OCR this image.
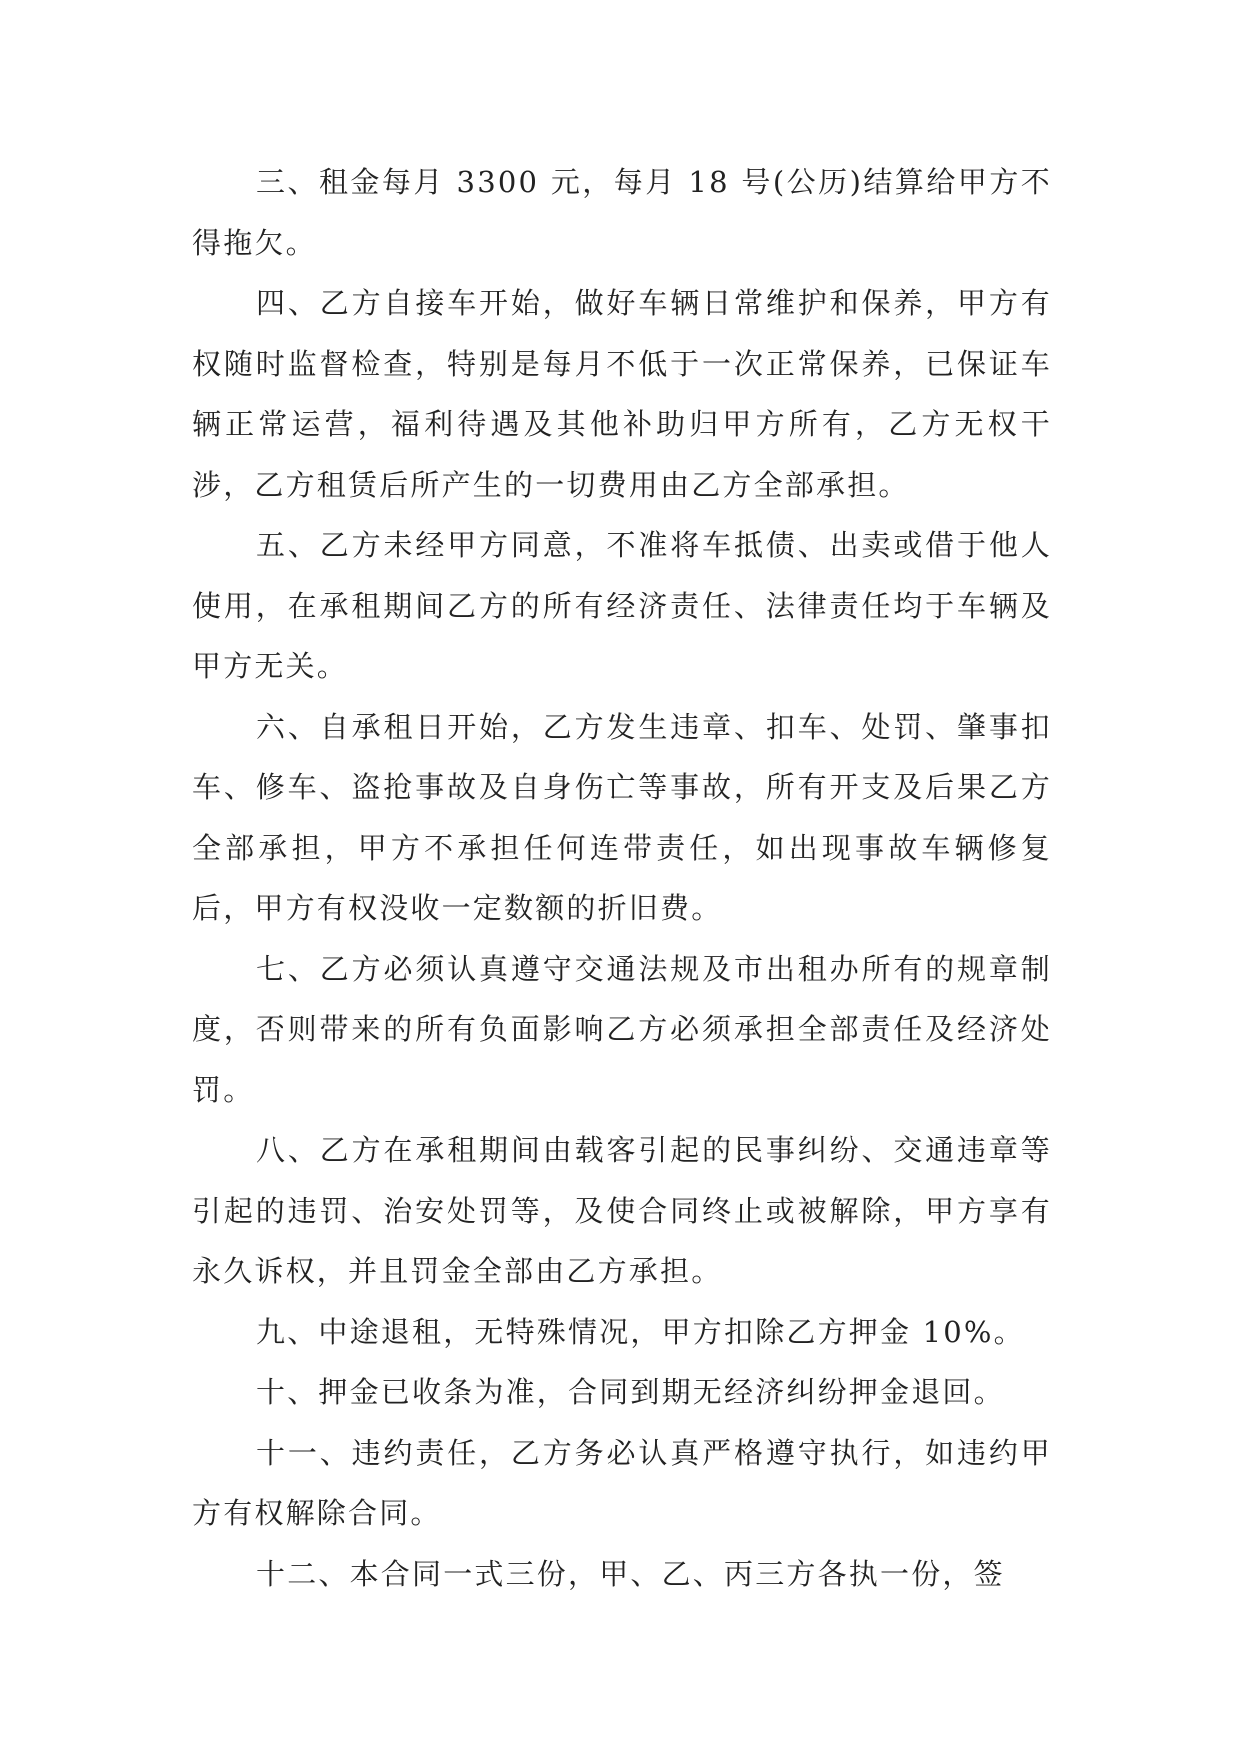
三、租金每月 3300 元，每月 18 号(公历)结算给甲方不得拖欠。

四、乙方自接车开始，做好车辆日常维护和保养，甲方有权随时监督检查，特别是每月不低于一次正常保养，已保证车辆正常运营，福利待遇及其他补助归甲方所有，乙方无权干涉，乙方租赁后所产生的一切费用由乙方全部承担。

五、乙方未经甲方同意，不准将车抵债、出卖或借于他人使用，在承租期间乙方的所有经济责任、法律责任均于车辆及甲方无关。

六、自承租日开始，乙方发生违章、扣车、处罚、肇事扣车、修车、盗抢事故及自身伤亡等事故，所有开支及后果乙方全部承担，甲方不承担任何连带责任，如出现事故车辆修复后，甲方有权没收一定数额的折旧费。

七、乙方必须认真遵守交通法规及市出租办所有的规章制度，否则带来的所有负面影响乙方必须承担全部责任及经济处罚。

八、乙方在承租期间由载客引起的民事纠纷、交通违章等引起的违罚、治安处罚等，及使合同终止或被解除，甲方享有永久诉权，并且罚金全部由乙方承担。

九、中途退租，无特殊情况，甲方扣除乙方押金 10%。

十、押金已收条为准，合同到期无经济纠纷押金退回。

十一、违约责任，乙方务必认真严格遵守执行，如违约甲方有权解除合同。

十二、本合同一式三份，甲、乙、丙三方各执一份，签
